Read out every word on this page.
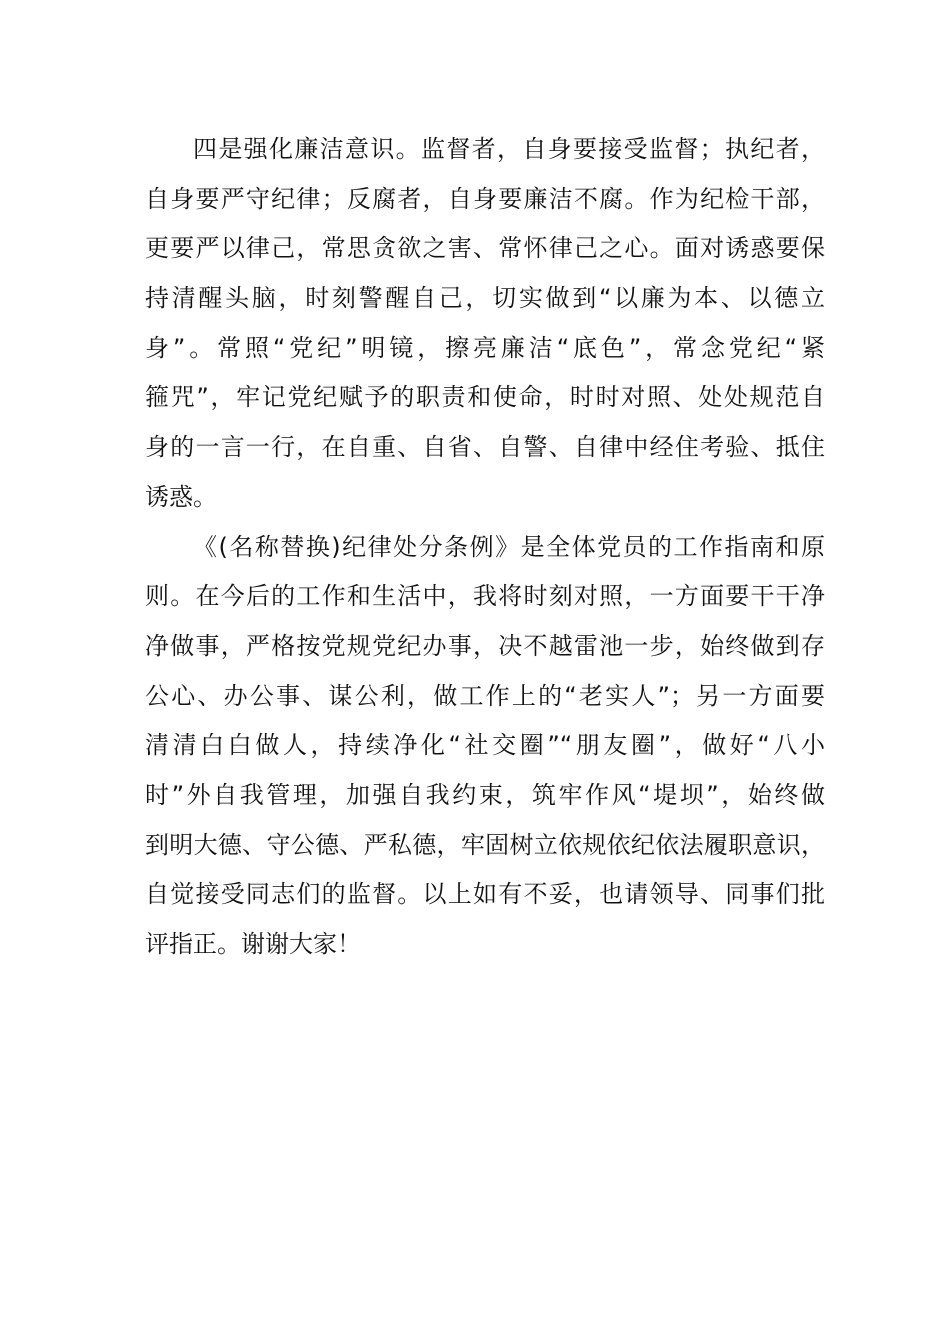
四是强化廉洁意识。监督者，自身要接受监督；执纪者，
自身要严守纪律；反腐者，自身要廉洁不腐。作为纪检干部，
更要严以律己，常思贪欲之害、常怀律己之心。面对诱惑要保
持清醒头脑，时刻警醒自己，切实做到“以廉为本、以德立
身”。常照“党纪”明镜，擦亮廉洁“底色”，常念党纪“紧
箍咒”，牢记党纪赋予的职责和使命，时时对照、处处规范自
身的一言一行，在自重、自省、自警、自律中经住考验、抵住
诱惑。
《(名称替换)纪律处分条例》是全体党员的工作指南和原
则。在今后的工作和生活中，我将时刻对照，一方面要干干净
净做事，严格按党规党纪办事，决不越雷池一步，始终做到存
公心、办公事、谋公利，做工作上的“老实人”；另一方面要
清清白白做人，持续净化“社交圈”“朋友圈”，做好“八小
时”外自我管理，加强自我约束，筑牢作风“堤坝”，始终做
到明大德、守公德、严私德，牢固树立依规依纪依法履职意识，
自觉接受同志们的监督。以上如有不妥，也请领导、同事们批
评指正。谢谢大家！
